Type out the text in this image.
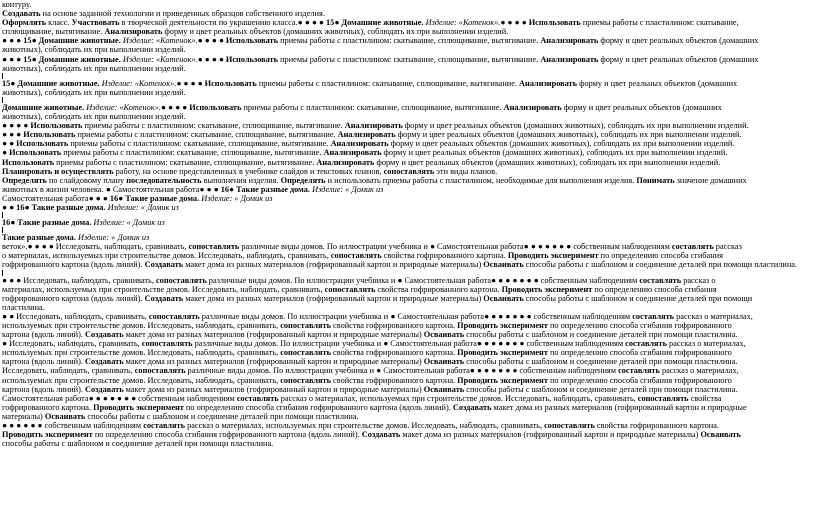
контуру.

Создавать на основе заданной технологии и приведенных образцов собственного изделия.

Оформлять класс. Участвовать в творческой деятельности по украшению класса.● ● ● ● 15● Домашние животные. Изделие: «Котенок».● ● ● ● Использовать приемы работы с пластилином: скатывание,

сплющивание, вытягивание. Анализировать форму и цвет реальных объектов (домашних животных), соблюдать их при выполнении изделий.

● ● ● 15● Домашние животные. Изделие: «Котенок».● ● ● ● Использовать приемы работы с пластилином: скатывание, сплющивание, вытягивание. Анализировать форму и цвет реальных объектов (домашних

животных), соблюдать их при выполнении изделий.

● ● ● 15● Домашние животные. Изделие: «Котенок».● ● ● ● Использовать приемы работы с пластилином: скатывание, сплющивание, вытягивание. Анализировать форму и цвет реальных объектов (домашних

животных), соблюдать их при выполнении изделий.

15● Домашние животные. Изделие: «Котенок».● ● ● ● Использовать приемы работы с пластилином: скатывание, сплющивание, вытягивание. Анализировать форму и цвет реальных объектов (домашних

животных), соблюдать их при выполнении изделий.

Домашние животные. Изделие: «Котенок».● ● ● ● Использовать приемы работы с пластилином: скатывание, сплющивание, вытягивание. Анализировать форму и цвет реальных объектов (домашних

животных), соблюдать их при выполнении изделий.

● ● ● ● Использовать приемы работы с пластилином: скатывание, сплющивание, вытягивание. Анализировать форму и цвет реальных объектов (домашних животных), соблюдать их при выполнении изделий.

● ● ● Использовать приемы работы с пластилином: скатывание, сплющивание, вытягивание. Анализировать форму и цвет реальных объектов (домашних животных), соблюдать их при выполнении изделий.

● ● Использовать приемы работы с пластилином: скатывание, сплющивание, вытягивание. Анализировать форму и цвет реальных объектов (домашних животных), соблюдать их при выполнении изделий.

● Использовать приемы работы с пластилином: скатывание, сплющивание, вытягивание. Анализировать форму и цвет реальных объектов (домашних животных), соблюдать их при выполнении изделий.

Использовать приемы работы с пластилином: скатывание, сплющивание, вытягивание. Анализировать форму и цвет реальных объектов (домашних животных), соблюдать их при выполнении изделий.

Планировать и осуществлять работу, на основе представленных в учебнике слайдов и текстовых планов, сопоставлять эти виды планов.

Определять по слайдовому плану последовательность выполнения изделия. Определять и использовать приемы работы с пластилином, необходимые для выполнения изделия. Понимать значение домашних

животных в жизни человека. ● Самостоятельная работа● ● ● 16● Такие разные дома. Изделие: « Домик из

Самостоятельная работа● ● ● 16● Такие разные дома. Изделие: « Домик из

● ● 16● Такие разные дома. Изделие: « Домик из

16● Такие разные дома. Изделие: « Домик из

Такие разные дома. Изделие: « Домик из

веток».● ● ● ● Исследовать, наблюдать, сравнивать, сопоставлять различные виды домов. По иллюстрации учебника и ● Самостоятельная работа● ● ● ● ● ● ● собственным наблюдениям составлять рассказ

о материалах, используемых при строительстве домов. Исследовать, наблюдать, сравнивать, сопоставлять свойства гофрированного картона. Проводить эксперимент по определению способа сгибания

гофрированного картона (вдоль линий). Создавать макет дома из разных материалов (гофрированный картон и природные материалы) Осваивать способы работы с шаблоном и соединение деталей при помощи пластилина.

● ● ● Исследовать, наблюдать, сравнивать, сопоставлять различные виды домов. По иллюстрации учебника и ● Самостоятельная работа● ● ● ● ● ● ● собственным наблюдениям составлять рассказ о

материалах, используемых при строительстве домов. Исследовать, наблюдать, сравнивать, сопоставлять свойства гофрированного картона. Проводить эксперимент по определению способа сгибания

гофрированного картона (вдоль линий). Создавать макет дома из разных материалов (гофрированный картон и природные материалы) Осваивать способы работы с шаблоном и соединение деталей при помощи

пластилина.

● ● Исследовать, наблюдать, сравнивать, сопоставлять различные виды домов. По иллюстрации учебника и ● Самостоятельная работа● ● ● ● ● ● ● собственным наблюдениям составлять рассказ о материалах,

используемых при строительстве домов. Исследовать, наблюдать, сравнивать, сопоставлять свойства гофрированного картона. Проводить эксперимент по определению способа сгибания гофрированного

картона (вдоль линий). Создавать макет дома из разных материалов (гофрированный картон и природные материалы) Осваивать способы работы с шаблоном и соединение деталей при помощи пластилина.

● Исследовать, наблюдать, сравнивать, сопоставлять различные виды домов. По иллюстрации учебника и ● Самостоятельная работа● ● ● ● ● ● ● собственным наблюдениям составлять рассказ о материалах,

используемых при строительстве домов. Исследовать, наблюдать, сравнивать, сопоставлять свойства гофрированного картона. Проводить эксперимент по определению способа сгибания гофрированного

картона (вдоль линий). Создавать макет дома из разных материалов (гофрированный картон и природные материалы) Осваивать способы работы с шаблоном и соединение деталей при помощи пластилина.

Исследовать, наблюдать, сравнивать, сопоставлять различные виды домов. По иллюстрации учебника и ● Самостоятельная работа● ● ● ● ● ● ● собственным наблюдениям составлять рассказ о материалах,

используемых при строительстве домов. Исследовать, наблюдать, сравнивать, сопоставлять свойства гофрированного картона. Проводить эксперимент по определению способа сгибания гофрированного

картона (вдоль линий). Создавать макет дома из разных материалов (гофрированный картон и природные материалы) Осваивать способы работы с шаблоном и соединение деталей при помощи пластилина.

Самостоятельная работа● ● ● ● ● ● ● собственным наблюдениям составлять рассказ о материалах, используемых при строительстве домов. Исследовать, наблюдать, сравнивать, сопоставлять свойства

гофрированного картона. Проводить эксперимент по определению способа сгибания гофрированного картона (вдоль линий). Создавать макет дома из разных материалов (гофрированный картон и природные

материалы) Осваивать способы работы с шаблоном и соединение деталей при помощи пластилина.

● ● ● ● ● ● собственным наблюдениям составлять рассказ о материалах, используемых при строительстве домов. Исследовать, наблюдать, сравнивать, сопоставлять свойства гофрированного картона.

Проводить эксперимент по определению способа сгибания гофрированного картона (вдоль линий). Создавать макет дома из разных материалов (гофрированный картон и природные материалы) Осваивать

способы работы с шаблоном и соединение деталей при помощи пластилина.
